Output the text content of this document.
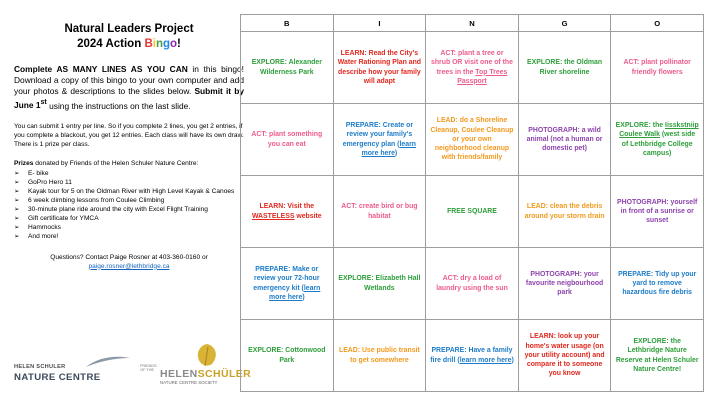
Natural Leaders Project
2024 Action Bingo!

Complete AS MANY LINES AS YOU CAN in this bingo! Download a copy of this bingo to your own computer and add your photos & descriptions to the slides below. Submit it by June 1st using the instructions on the last slide.

You can submit 1 entry per line. So if you complete 2 lines, you get 2 entries, if you complete a blackout, you get 12 entries. Each class will have its own draw. There is 1 prize per class.

Prizes donated by Friends of the Helen Schuler Nature Centre:
➢ E- bike
➢ GoPro Hero 11
➢ Kayak tour for 5 on the Oldman River with High Level Kayak & Canoes
➢ 6 week climbing lessons from Coulee Climbing
➢ 30-minute plane ride around the city with Excel Flight Training
➢ Gift certificate for YMCA
➢ Hammocks
➢ And more!
Questions? Contact Paige Rosner at 403-360-0160 or
paige.rosner@lethbridge.ca
HELEN SCHULER
NATURE CENTRE
FRIENDS OF THE HELENSCHÜLER
NATURE CENTRE SOCIETY
B	I	N	G	O
EXPLORE: Alexander Wilderness Park	LEARN: Read the City's Water Rationing Plan and describe how your family will adapt	ACT: plant a tree or shrub OR visit one of the trees in the Top Trees Passport	EXPLORE: the Oldman River shoreline	ACT: plant pollinator friendly flowers
ACT: plant something you can eat	PREPARE: Create or review your family's emergency plan (learn more here)	LEAD: do a Shoreline Cleanup, Coulee Cleanup or your own neighborhood cleanup with friends/family	PHOTOGRAPH: a wild animal (not a human or domestic pet)	EXPLORE: the Iisskstniip Coulee Walk (west side of Lethbridge College campus)
LEARN: Visit the WASTELESS website	ACT: create bird or bug habitat	FREE SQUARE	LEAD: clean the debris around your storm drain	PHOTOGRAPH: yourself in front of a sunrise or sunset
PREPARE: Make or review your 72-hour emergency kit (learn more here)	EXPLORE: Elizabeth Hall Wetlands	ACT: dry a load of laundry using the sun	PHOTOGRAPH: your favourite neigbourhood park	PREPARE: Tidy up your yard to remove hazardous fire debris
EXPLORE: Cottonwood Park	LEAD: Use public transit to get somewhere	PREPARE: Have a family fire drill (learn more here)	LEARN: look up your home's water usage (on your utility account) and compare it to someone you know	EXPLORE: the Lethbridge Nature Reserve at Helen Schuler Nature Centre!
